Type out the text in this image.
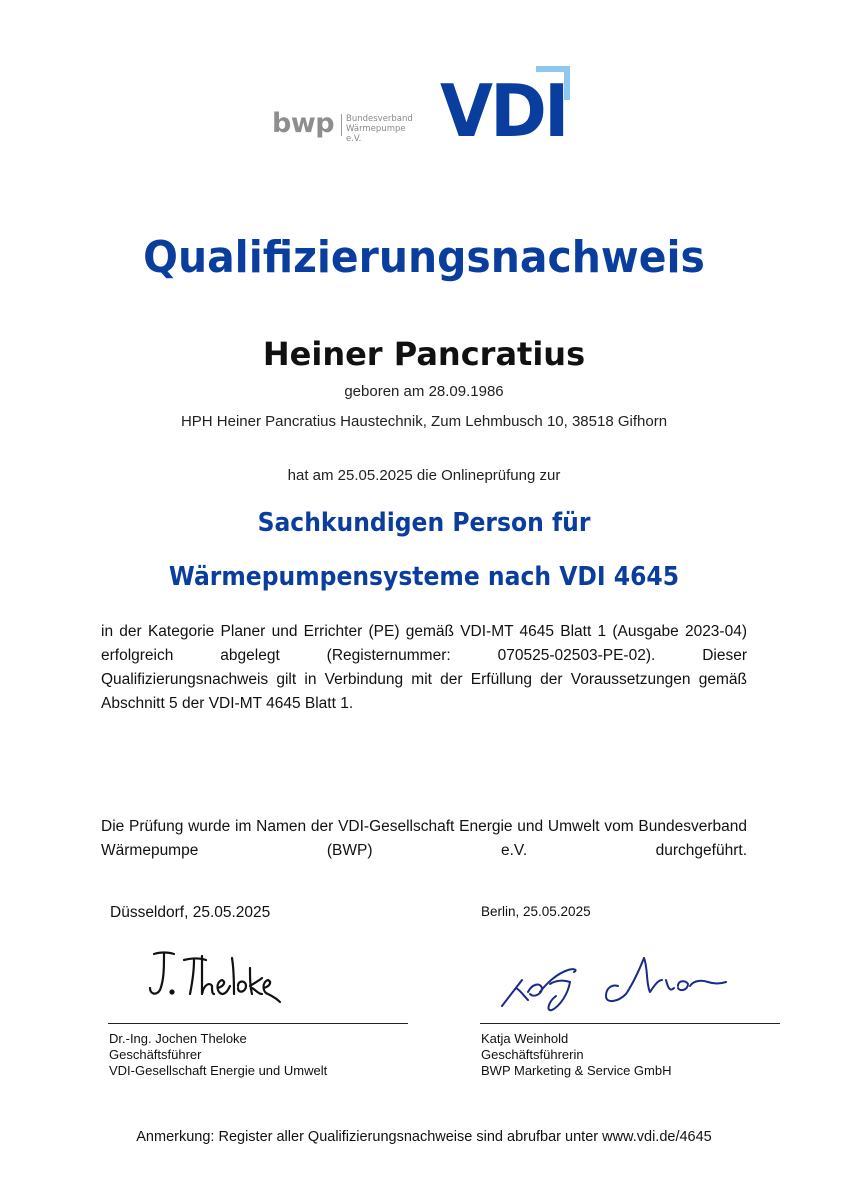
bwp Bundesverband
Wärmepumpe e.V.	VDI
Qualifizierungsnachweis
Heiner Pancratius
geboren am 28.09.1986
HPH Heiner Pancratius Haustechnik, Zum Lehmbusch 10, 38518 Gifhorn
hat am 25.05.2025 die Onlineprüfung zur
Sachkundigen Person für
Wärmepumpensysteme nach VDI 4645
in der Kategorie Planer und Errichter (PE) gemäß VDI-MT 4645 Blatt 1 (Ausgabe 2023-04) erfolgreich abgelegt (Registernummer: 070525-02503-PE-02). Dieser Qualifizierungsnachweis gilt in Verbindung mit der Erfüllung der Voraussetzungen gemäß Abschnitt 5 der VDI-MT 4645 Blatt 1.
Die Prüfung wurde im Namen der VDI-Gesellschaft Energie und Umwelt vom Bundesverband Wärmepumpe (BWP) e.V. durchgeführt.
Düsseldorf, 25.05.2025	Berlin, 25.05.2025
Dr.-Ing. Jochen Theloke
Geschäftsführer
VDI-Gesellschaft Energie und Umwelt
Katja Weinhold
Geschäftsführerin
BWP Marketing & Service GmbH
Anmerkung: Register aller Qualifizierungsnachweise sind abrufbar unter www.vdi.de/4645
